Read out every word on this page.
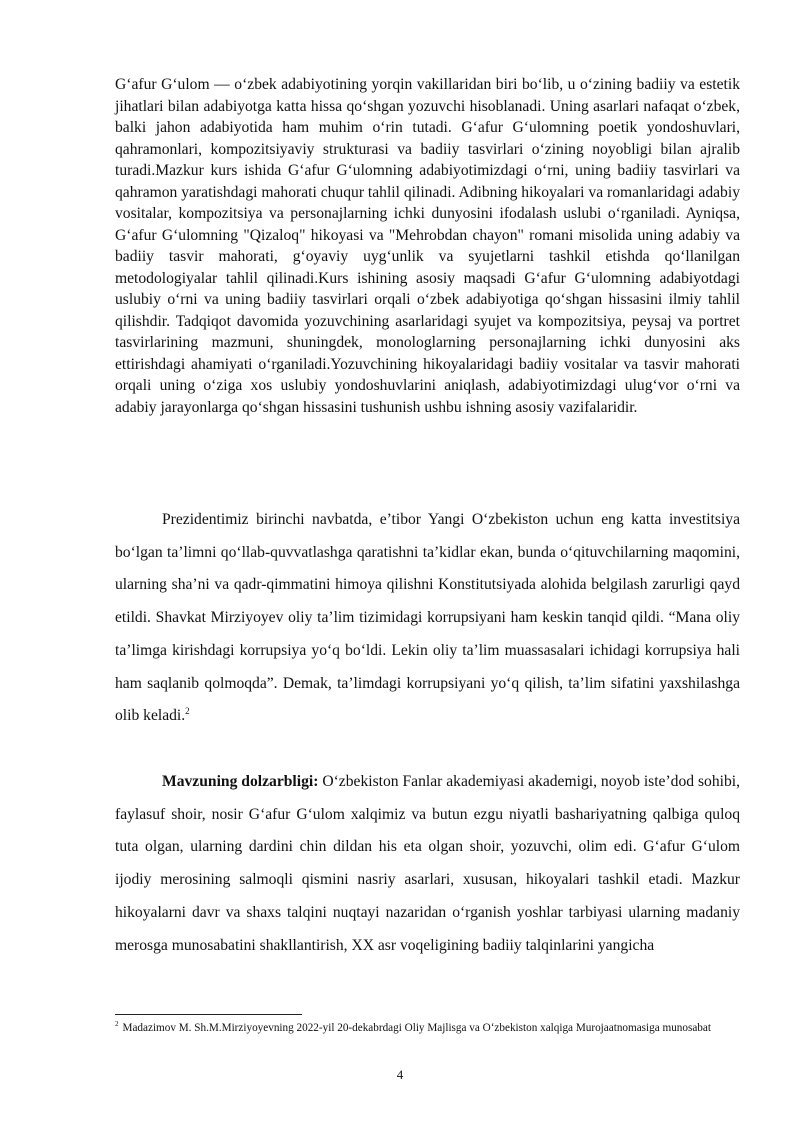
G‘afur G‘ulom — o‘zbek adabiyotining yorqin vakillaridan biri bo‘lib, u o‘zining badiiy va estetik jihatlari bilan adabiyotga katta hissa qo‘shgan yozuvchi hisoblanadi. Uning asarlari nafaqat o‘zbek, balki jahon adabiyotida ham muhim o‘rin tutadi. G‘afur G‘ulomning poetik yondoshuvlari, qahramonlari, kompozitsiyaviy strukturasi va badiiy tasvirlari o‘zining noyobligi bilan ajralib turadi.Mazkur kurs ishida G‘afur G‘ulomning adabiyotimizdagi o‘rni, uning badiiy tasvirlari va qahramon yaratishdagi mahorati chuqur tahlil qilinadi. Adibning hikoyalari va romanlaridagi adabiy vositalar, kompozitsiya va personajlarning ichki dunyosini ifodalash uslubi o‘rganiladi. Ayniqsa, G‘afur G‘ulomning "Qizaloq" hikoyasi va "Mehrobdan chayon" romani misolida uning adabiy va badiiy tasvir mahorati, g‘oyaviy uyg‘unlik va syujetlarni tashkil etishda qo‘llanilgan metodologiyalar tahlil qilinadi.Kurs ishining asosiy maqsadi G‘afur G‘ulomning adabiyotdagi uslubiy o‘rni va uning badiiy tasvirlari orqali o‘zbek adabiyotiga qo‘shgan hissasini ilmiy tahlil qilishdir. Tadqiqot davomida yozuvchining asarlaridagi syujet va kompozitsiya, peysaj va portret tasvirlarining mazmuni, shuningdek, monologlarning personajlarning ichki dunyosini aks ettirishdagi ahamiyati o‘rganiladi.Yozuvchining hikoyalaridagi badiiy vositalar va tasvir mahorati orqali uning o‘ziga xos uslubiy yondoshuvlarini aniqlash, adabiyotimizdagi ulug‘vor o‘rni va adabiy jarayonlarga qo‘shgan hissasini tushunish ushbu ishning asosiy vazifalaridir.

Prezidentimiz birinchi navbatda, e’tibor Yangi O‘zbekiston uchun eng katta investitsiya bo‘lgan ta’limni qo‘llab-quvvatlashga qaratishni ta’kidlar ekan, bunda o‘qituvchilarning maqomini, ularning sha’ni va qadr-qimmatini himoya qilishni Konstitutsiyada alohida belgilash zarurligi qayd etildi. Shavkat Mirziyoyev oliy ta’lim tizimidagi korrupsiyani ham keskin tanqid qildi. “Mana oliy ta’limga kirishdagi korrupsiya yo‘q bo‘ldi. Lekin oliy ta’lim muassasalari ichidagi korrupsiya hali ham saqlanib qolmoqda”. Demak, ta’limdagi korrupsiyani yo‘q qilish, ta’lim sifatini yaxshilashga olib keladi.$^2$

Mavzuning dolzarbligi: O‘zbekiston Fanlar akademiyasi akademigi, noyob iste’dod sohibi, faylasuf shoir, nosir G‘afur G‘ulom xalqimiz va butun ezgu niyatli bashariyatning qalbiga quloq tuta olgan, ularning dardini chin dildan his eta olgan shoir, yozuvchi, olim edi. G‘afur G‘ulom ijodiy merosining salmoqli qismini nasriy asarlari, xususan, hikoyalari tashkil etadi. Mazkur hikoyalarni davr va shaxs talqini nuqtayi nazaridan o‘rganish yoshlar tarbiyasi ularning madaniy merosga munosabatini shakllantirish, XX asr voqeligining badiiy talqinlarini yangicha

$^2$ Madazimov M. Sh.M.Mirziyoyevning 2022-yil 20-dekabrdagi Oliy Majlisga va O‘zbekiston xalqiga Murojaatnomasiga munosabat

4
